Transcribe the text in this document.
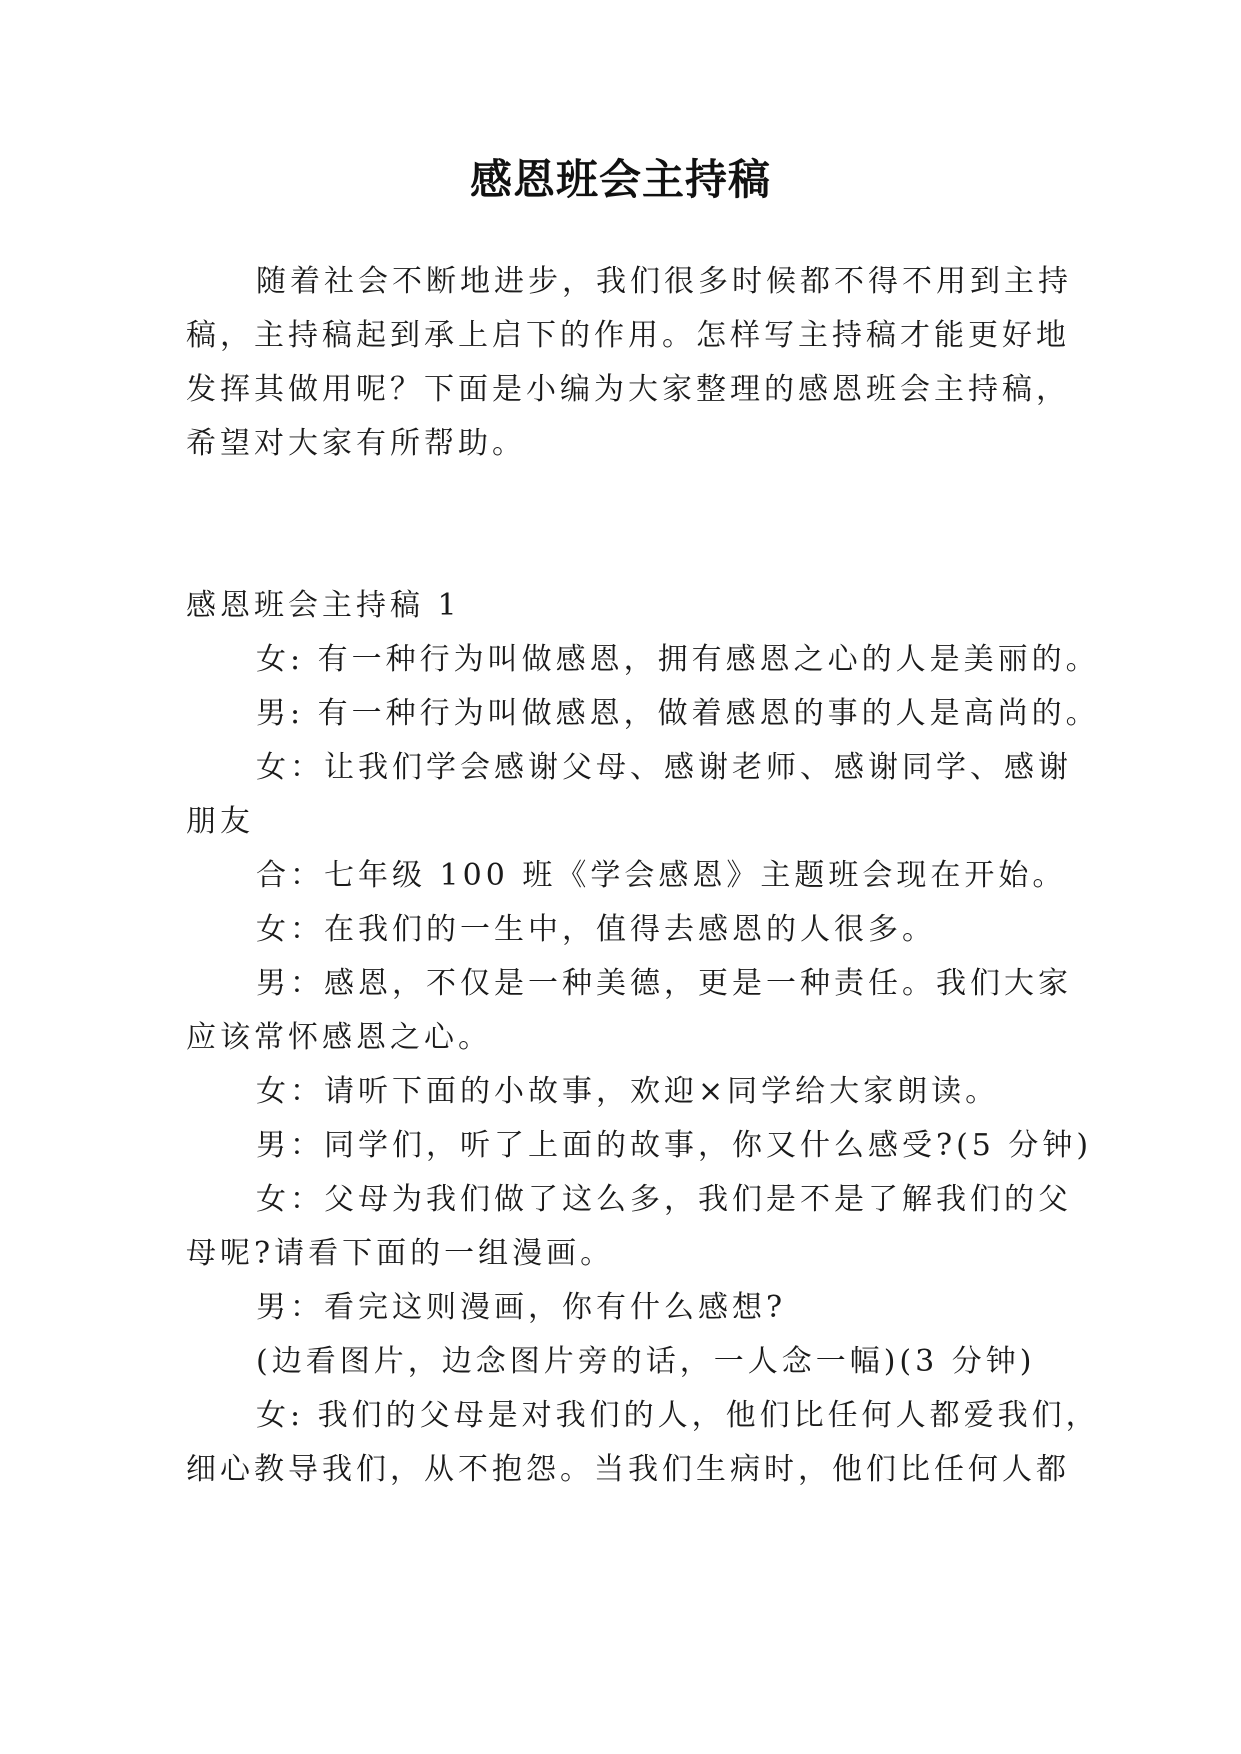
感恩班会主持稿
随着社会不断地进步，我们很多时候都不得不用到主持
稿，主持稿起到承上启下的作用。怎样写主持稿才能更好地
发挥其做用呢？下面是小编为大家整理的感恩班会主持稿，
希望对大家有所帮助。
感恩班会主持稿 1
女: 有一种行为叫做感恩，拥有感恩之心的人是美丽的。
男: 有一种行为叫做感恩，做着感恩的事的人是高尚的。
女：让我们学会感谢父母、感谢老师、感谢同学、感谢
朋友
合：七年级 100 班《学会感恩》主题班会现在开始。
女：在我们的一生中，值得去感恩的人很多。
男：感恩，不仅是一种美德，更是一种责任。我们大家
应该常怀感恩之心。
女：请听下面的小故事，欢迎×同学给大家朗读。
男：同学们，听了上面的故事，你又什么感受?(5 分钟)
女：父母为我们做了这么多，我们是不是了解我们的父
母呢?请看下面的一组漫画。
男：看完这则漫画，你有什么感想?
(边看图片，边念图片旁的话，一人念一幅)(3 分钟)
女: 我们的父母是对我们的人，他们比任何人都爱我们，
细心教导我们，从不抱怨。当我们生病时，他们比任何人都
